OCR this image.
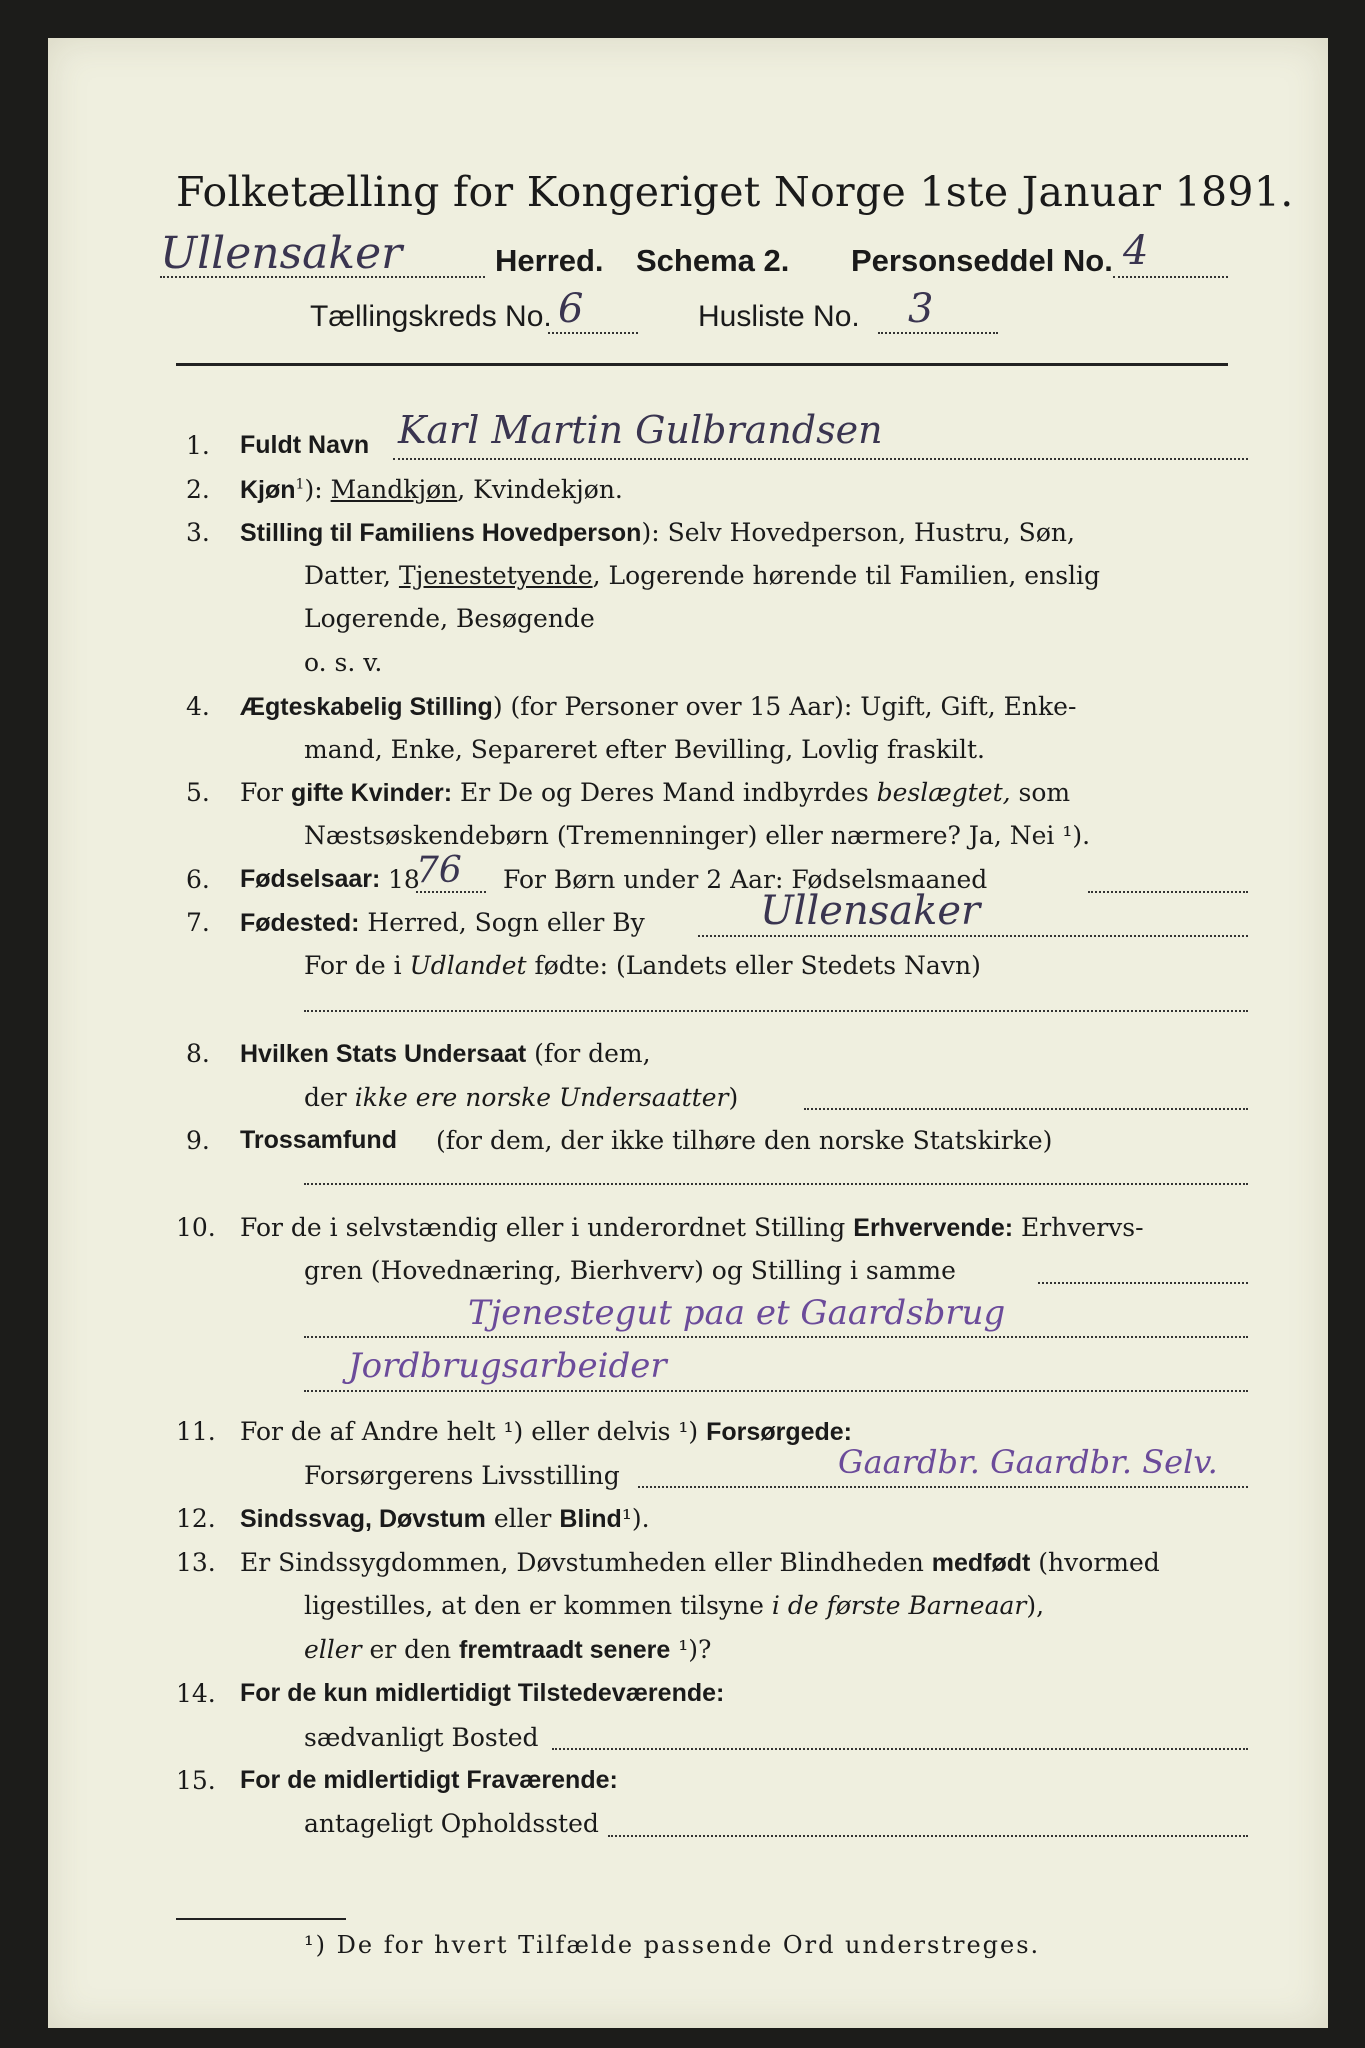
Folketælling for Kongeriget Norge 1ste Januar 1891.
Ullensaker	Herred. Schema 2. Personseddel No. 4
Tællingskreds No. 6	Husliste No. 3
1. Fuldt Navn Karl Martin Gulbrandsen
2. Kjøn$^1$): Mandkjøn, Kvindekjøn.
3. Stilling til Familiens Hovedperson): Selv Hovedperson, Hustru, Søn,
Datter, Tjenestetyende, Logerende hørende til Familien, enslig
Logerende, Besøgende
o. s. v.
4. Ægteskabelig Stilling) (for Personer over 15 Aar): Ugift, Gift, Enke-
mand, Enke, Separeret efter Bevilling, Lovlig fraskilt.
5. For gifte Kvinder: Er De og Deres Mand indbyrdes beslægtet, som
Næstsøskendebørn (Tremenninger) eller nærmere? Ja, Nei ¹).
6. Fødselsaar: 18
76 For Børn under 2 Aar: Fødselsmaaned
7. Fødested: Herred, Sogn eller By	Ullensaker
For de i Udlandet fødte: (Landets eller Stedets Navn)
8. Hvilken Stats Undersaat (for dem,
der ikke ere norske Undersaatter)
9. Trossamfund (for dem, der ikke tilhøre den norske Statskirke)
10. For de i selvstændig eller i underordnet Stilling Erhvervende: Erhvervs-
gren (Hovednæring, Bierhverv) og Stilling i samme
Tjenestegut paa et Gaardsbrug
Jordbrugsarbeider
11. For de af Andre helt ¹) eller delvis ¹) Forsørgede:
Forsørgerens Livsstilling	Gaardbr. Gaardbr. Selv.
12. Sindssvag, Døvstum eller Blind¹).
13. Er Sindssygdommen, Døvstumheden eller Blindheden medfødt (hvormed
ligestilles, at den er kommen tilsyne i de første Barneaar),
eller er den fremtraadt senere ¹)?
14. For de kun midlertidigt Tilstedeværende:
sædvanligt Bosted
15. For de midlertidigt Fraværende:
antageligt Opholdssted
¹) De for hvert Tilfælde passende Ord understreges.
